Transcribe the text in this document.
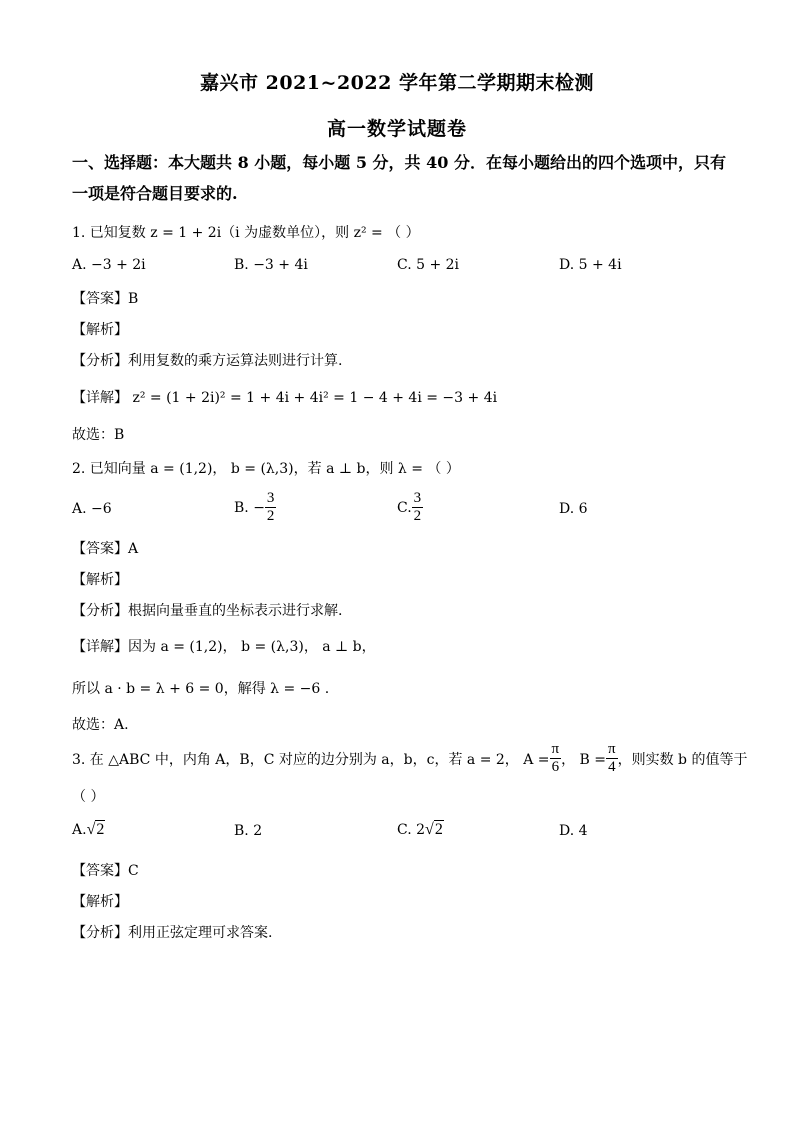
嘉兴市 2021~2022 学年第二学期期末检测
高一数学试题卷
一、选择题：本大题共 8 小题，每小题 5 分，共 40 分．在每小题给出的四个选项中，只有
一项是符合题目要求的.
1. 已知复数 z = 1 + 2i（i 为虚数单位），则 z² = （ ）
A. −3 + 2i	B. −3 + 4i	C. 5 + 2i	D. 5 + 4i
【答案】B
【解析】
【分析】利用复数的乘方运算法则进行计算.
【详解】 z² = (1 + 2i)² = 1 + 4i + 4i² = 1 − 4 + 4i = −3 + 4i
故选：B
2. 已知向量 a = (1,2)， b = (λ,3)，若 a ⊥ b，则 λ = （ ）
A. −6	B. − $\frac{3}{2}$	C. $\frac{3}{2}$	D. 6
【答案】A
【解析】
【分析】根据向量垂直的坐标表示进行求解.
【详解】因为 a = (1,2)， b = (λ,3)， a ⊥ b，
所以 a · b = λ + 6 = 0，解得 λ = −6 .
故选：A.
3. 在 △ABC 中，内角 A，B，C 对应的边分别为 a，b，c，若 a = 2， $A = \frac{\pi}{6}$ ， $B = \frac{\pi}{4}$ ，则实数 b 的值等于
（ ）
A. √2	B. 2	C. 2 √2	D. 4
【答案】C
【解析】
【分析】利用正弦定理可求答案.
